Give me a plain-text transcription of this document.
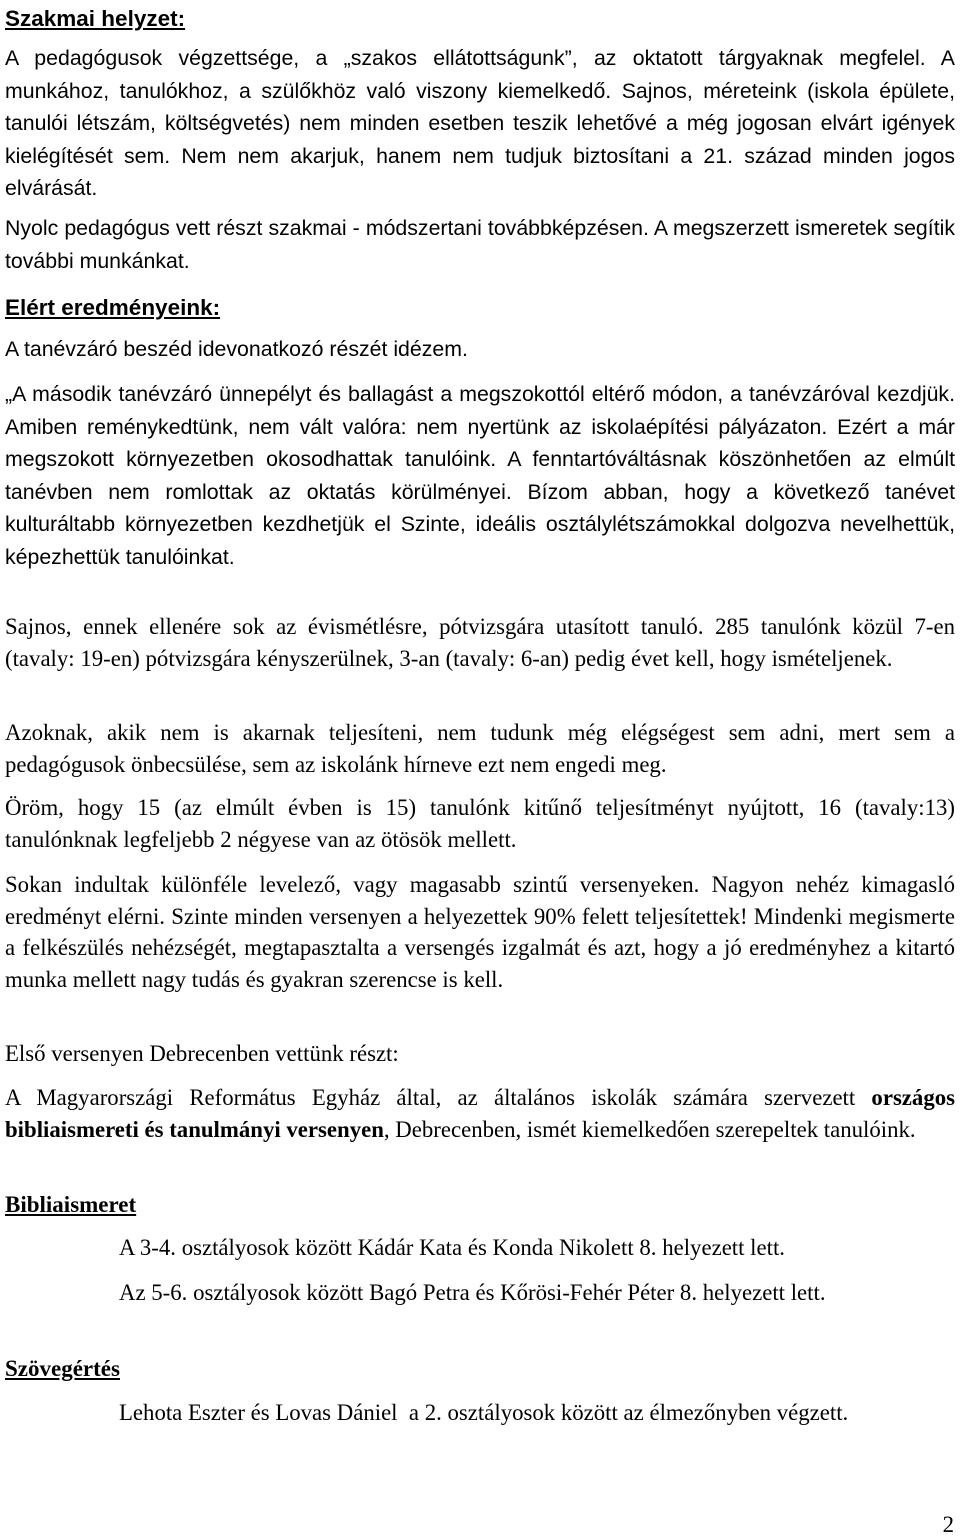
Szakmai helyzet:

A pedagógusok végzettsége, a „szakos ellátottságunk”, az oktatott tárgyaknak megfelel. A munkához, tanulókhoz, a szülőkhöz való viszony kiemelkedő. Sajnos, méreteink (iskola épülete, tanulói létszám, költségvetés) nem minden esetben teszik lehetővé a még jogosan elvárt igények kielégítését sem. Nem nem akarjuk, hanem nem tudjuk biztosítani a 21. század minden jogos elvárását.

Nyolc pedagógus vett részt szakmai - módszertani továbbképzésen. A megszerzett ismeretek segítik további munkánkat.

Elért eredményeink:

A tanévzáró beszéd idevonatkozó részét idézem.

„A második tanévzáró ünnepélyt és ballagást a megszokottól eltérő módon, a tanévzáróval kezdjük. Amiben reménykedtünk, nem vált valóra: nem nyertünk az iskolaépítési pályázaton. Ezért a már megszokott környezetben okosodhattak tanulóink. A fenntartóváltásnak köszönhetően az elmúlt tanévben nem romlottak az oktatás körülményei. Bízom abban, hogy a következő tanévet kulturáltabb környezetben kezdhetjük el Szinte, ideális osztálylétszámokkal dolgozva nevelhettük, képezhettük tanulóinkat.

Sajnos, ennek ellenére sok az évismétlésre, pótvizsgára utasított tanuló. 285 tanulónk közül 7-en (tavaly: 19-en) pótvizsgára kényszerülnek, 3-an (tavaly: 6-an) pedig évet kell, hogy ismételjenek.

Azoknak, akik nem is akarnak teljesíteni, nem tudunk még elégségest sem adni, mert sem a pedagógusok önbecsülése, sem az iskolánk hírneve ezt nem engedi meg.

Öröm, hogy 15 (az elmúlt évben is 15) tanulónk kitűnő teljesítményt nyújtott, 16 (tavaly:13) tanulónknak legfeljebb 2 négyese van az ötösök mellett.

Sokan indultak különféle levelező, vagy magasabb szintű versenyeken. Nagyon nehéz kimagasló eredményt elérni. Szinte minden versenyen a helyezettek 90% felett teljesítettek! Mindenki megismerte a felkészülés nehézségét, megtapasztalta a versengés izgalmát és azt, hogy a jó eredményhez a kitartó munka mellett nagy tudás és gyakran szerencse is kell.

Első versenyen Debrecenben vettünk részt:

A Magyarországi Református Egyház által, az általános iskolák számára szervezett országos bibliaismereti és tanulmányi versenyen, Debrecenben, ismét kiemelkedően szerepeltek tanulóink.

Bibliaismeret

A 3-4. osztályosok között Kádár Kata és Konda Nikolett 8. helyezett lett.

Az 5-6. osztályosok között Bagó Petra és Kőrösi-Fehér Péter 8. helyezett lett.

Szövegértés

Lehota Eszter és Lovas Dániel  a 2. osztályosok között az élmezőnyben végzett.

2
